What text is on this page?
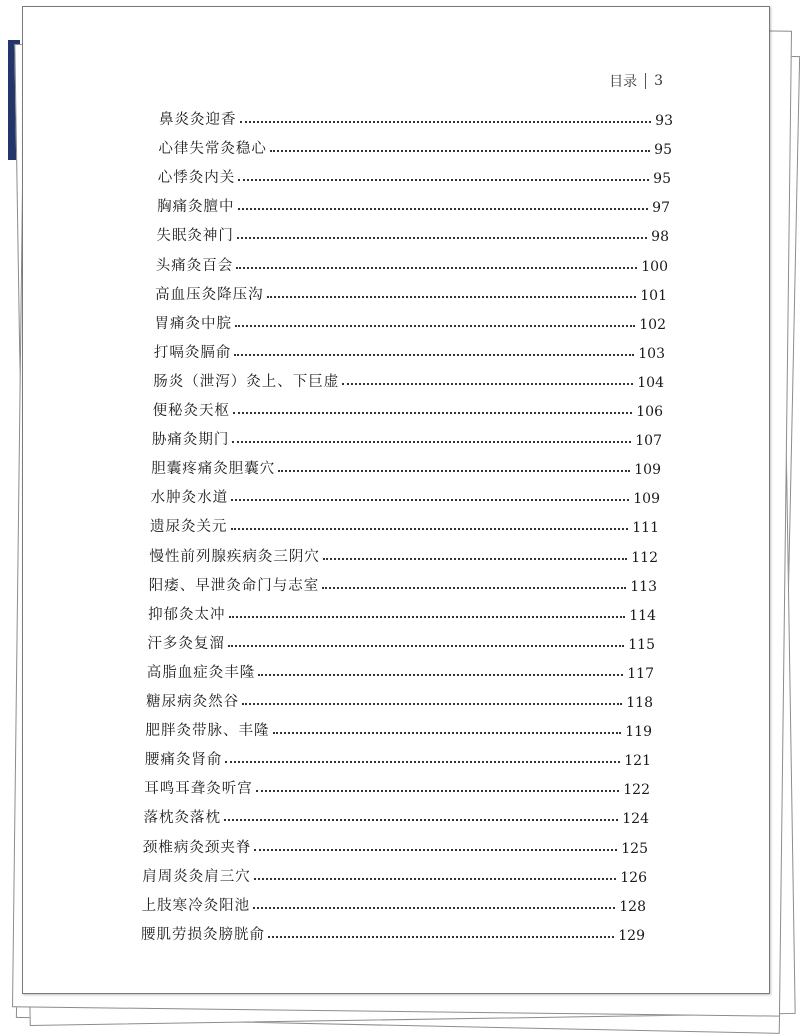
目录 3
鼻炎灸迎香	93
心律失常灸稳心	95
心悸灸内关	95
胸痛灸膻中	97
失眠灸神门	98
头痛灸百会	100
高血压灸降压沟	101
胃痛灸中脘	102
打嗝灸膈俞	103
肠炎（泄泻）灸上、下巨虚	104
便秘灸天枢	106
胁痛灸期门	107
胆囊疼痛灸胆囊穴	109
水肿灸水道	109
遗尿灸关元	111
慢性前列腺疾病灸三阴穴	112
阳痿、早泄灸命门与志室	113
抑郁灸太冲	114
汗多灸复溜	115
高脂血症灸丰隆	117
糖尿病灸然谷	118
肥胖灸带脉、丰隆	119
腰痛灸肾俞	121
耳鸣耳聋灸听宫	122
落枕灸落枕	124
颈椎病灸颈夹脊	125
肩周炎灸肩三穴	126
上肢寒冷灸阳池	128
腰肌劳损灸膀胱俞	129
